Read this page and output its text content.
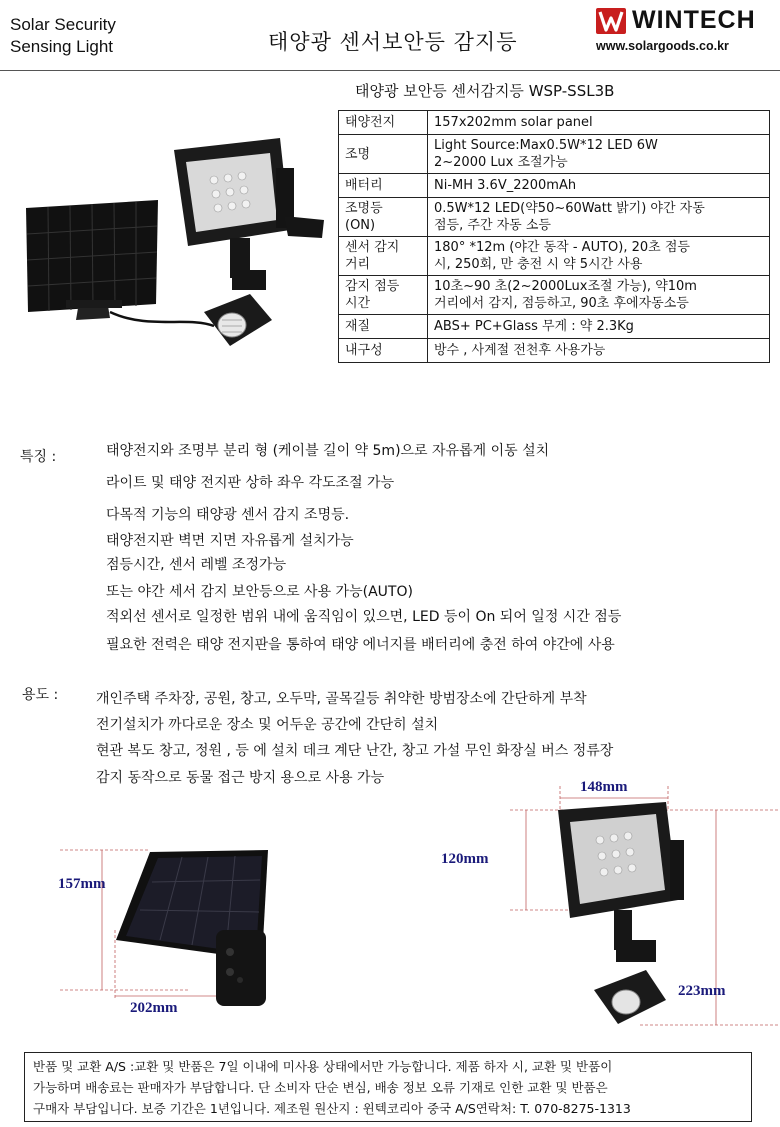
Solar Security
Sensing Light	태양광 센서보안등 감지등
WINTECH
www.solargoods.co.kr
태양광 보안등 센서감지등 WSP-SSL3B
태양전지	157x202mm solar panel
조명	Light Source:Max0.5W*12 LED 6W
2~2000 Lux 조절가능
배터리	Ni-MH 3.6V_2200mAh
조명등
(ON)	0.5W*12 LED(약50~60Watt 밝기) 야간 자동
점등, 주간 자동 소등
센서 감지
거리	180° *12m (야간 동작 - AUTO), 20초 점등
시, 250회, 만 충전 시 약 5시간 사용
감지 점등
시간	10초~90 초(2~2000Lux조절 가능), 약10m
거리에서 감지, 점등하고, 90초 후에자동소등
재질	ABS+ PC+Glass 무게 : 약 2.3Kg
내구성	방수 , 사계절 전천후 사용가능
특징 :	태양전지와 조명부 분리 형 (케이블 길이 약 5m)으로 자유롭게 이동 설치
라이트 및 태양 전지판 상하 좌우 각도조절 가능
다목적 기능의 태양광 센서 감지 조명등.
태양전지판 벽면 지면 자유롭게 설치가능
점등시간, 센서 레벨 조정가능
또는 야간 세서 감지 보안등으로 사용 가능(AUTO)
적외선 센서로 일정한 범위 내에 움직임이 있으면, LED 등이 On 되어 일정 시간 점등
필요한 전력은 태양 전지판을 통하여 태양 에너지를 배터리에 충전 하여 야간에 사용
용도 :	개인주택 주차장, 공원, 창고, 오두막, 골목길등 취약한 방범장소에 간단하게 부착
전기설치가 까다로운 장소 및 어두운 공간에 간단히 설치
현관 복도 창고, 정원 , 등 에 설치 데크 계단 난간, 창고 가설 무인 화장실 버스 정류장
감지 동작으로 동물 접근 방지 용으로 사용 가능
157mm
202mm
148mm
120mm
223mm
반품 및 교환 A/S :교환 및 반품은 7일 이내에 미사용 상태에서만 가능합니다. 제품 하자 시, 교환 및 반품이
가능하며 배송료는 판매자가 부담합니다. 단 소비자 단순 변심, 배송 정보 오류 기재로 인한 교환 및 반품은
구매자 부담입니다. 보증 기간은 1년입니다. 제조원 원산지 : 윈텍코리아 중국 A/S연락처: T. 070-8275-1313
